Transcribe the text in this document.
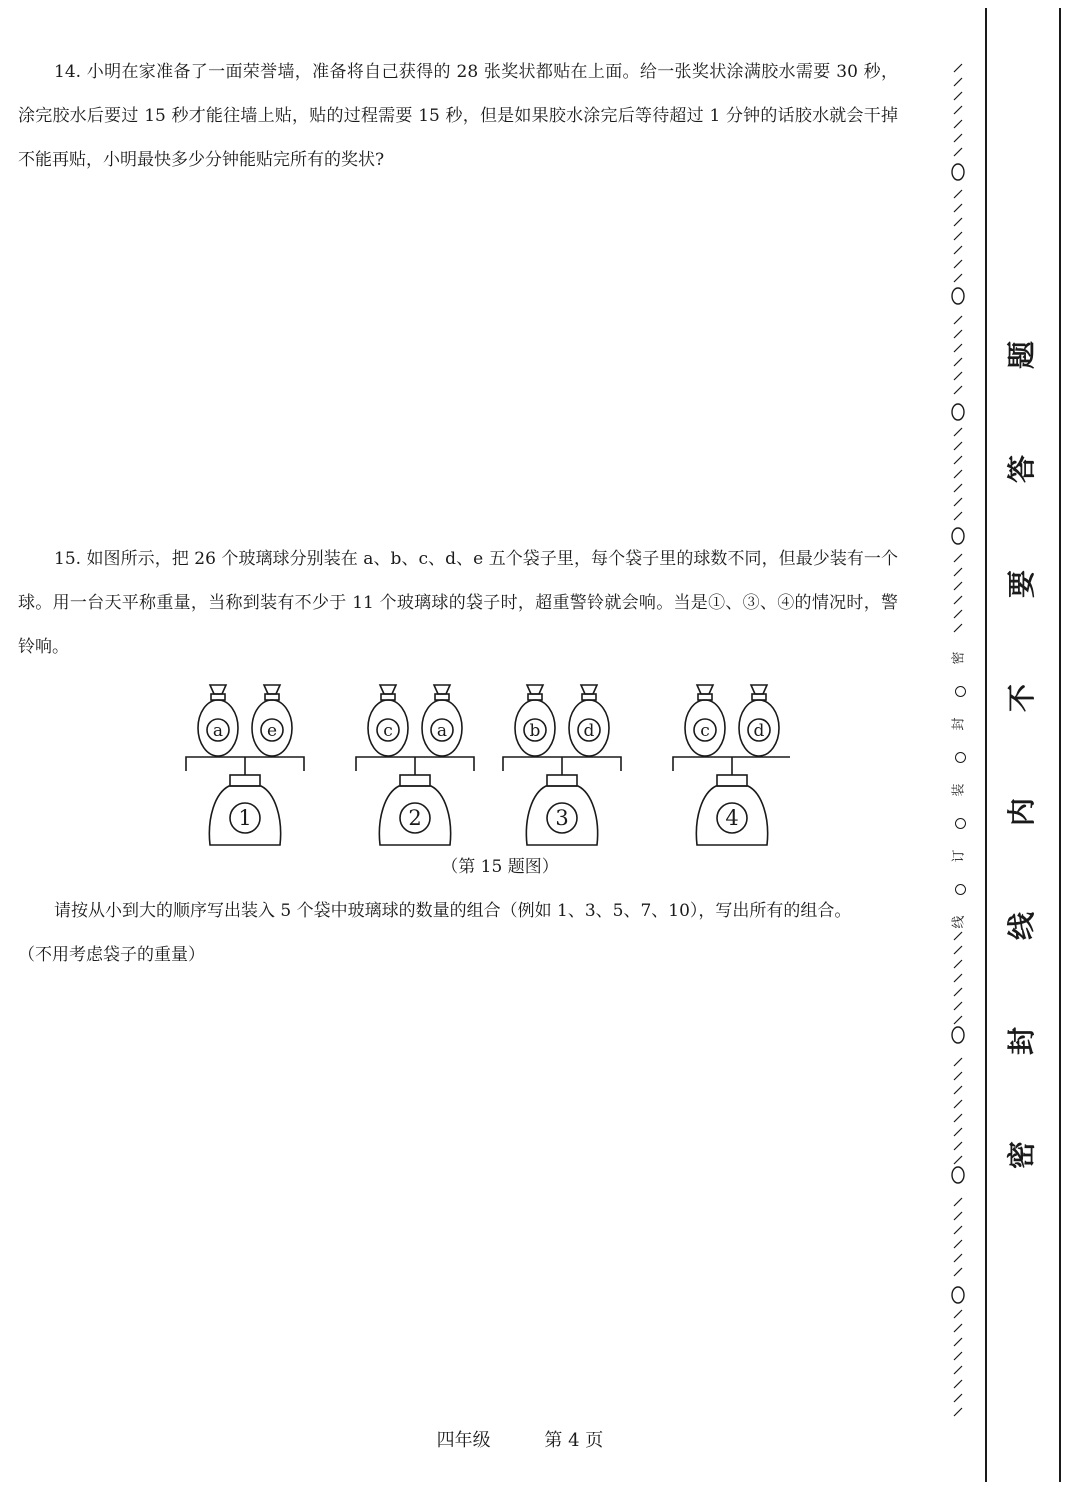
14. 小明在家准备了一面荣誉墙，准备将自己获得的 28 张奖状都贴在上面。给一张奖状涂满胶水需要 30 秒，涂完胶水后要过 15 秒才能往墙上贴，贴的过程需要 15 秒，但是如果胶水涂完后等待超过 1 分钟的话胶水就会干掉不能再贴，小明最快多少分钟能贴完所有的奖状?

15. 如图所示，把 26 个玻璃球分别装在 a、b、c、d、e 五个袋子里，每个袋子里的球数不同，但最少装有一个球。用一台天平称重量，当称到装有不少于 11 个玻璃球的袋子时，超重警铃就会响。当是①、③、④的情况时，警铃响。

1
a	e
2
c	a
3
b	d
4
c	d
（第 15 题图）

请按从小到大的顺序写出装入 5 个袋中玻璃球的数量的组合（例如 1、3、5、7、10），写出所有的组合。

（不用考虑袋子的重量）

密
封
装
订
线
题
答
要
不
内
线
封
密
四年级	第 4 页
